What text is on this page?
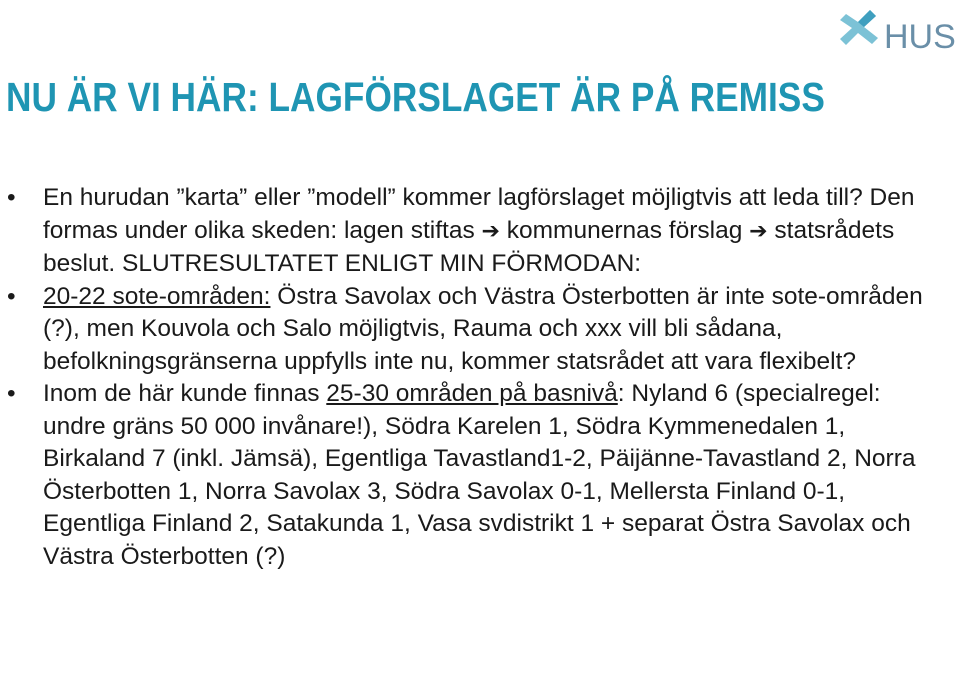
HUS
NU ÄR VI HÄR: LAGFÖRSLAGET ÄR PÅ REMISS
• En hurudan ”karta” eller ”modell” kommer lagförslaget möjligtvis att leda till? Den formas under olika skeden: lagen stiftas ➔ kommunernas förslag ➔ statsrådets beslut. SLUTRESULTATET ENLIGT MIN FÖRMODAN:
• 20-22 sote-områden: Östra Savolax och Västra Österbotten är inte sote-områden (?), men Kouvola och Salo möjligtvis, Rauma och xxx vill bli sådana, befolkningsgränserna uppfylls inte nu, kommer statsrådet att vara flexibelt?
• Inom de här kunde finnas 25-30 områden på basnivå: Nyland 6 (specialregel: undre gräns 50 000 invånare!), Södra Karelen 1, Södra Kymmenedalen 1, Birkaland 7 (inkl. Jämsä), Egentliga Tavastland1-2, Päijänne-Tavastland 2, Norra Österbotten 1, Norra Savolax 3, Södra Savolax 0-1, Mellersta Finland 0-1, Egentliga Finland 2, Satakunda 1, Vasa svdistrikt 1 + separat Östra Savolax och Västra Österbotten (?)
